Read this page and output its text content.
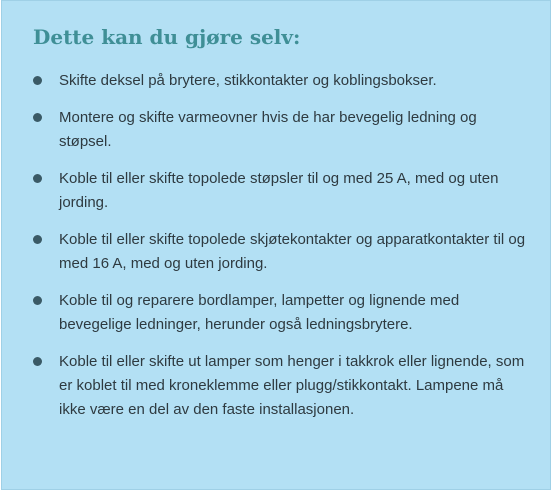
Dette kan du gjøre selv:
Skifte deksel på brytere, stikkontakter og koblingsbokser.
Montere og skifte varmeovner hvis de har bevegelig ledning og støpsel.
Koble til eller skifte topolede støpsler til og med 25 A, med og uten jording.
Koble til eller skifte topolede skjøtekontakter og apparatkontakter til og med 16 A, med og uten jording.
Koble til og reparere bordlamper, lampetter og lignende med bevegelige ledninger, herunder også ledningsbrytere.
Koble til eller skifte ut lamper som henger i takkrok eller lignende, som er koblet til med kroneklemme eller plugg/stikkontakt. Lampene må ikke være en del av den faste installasjonen.
